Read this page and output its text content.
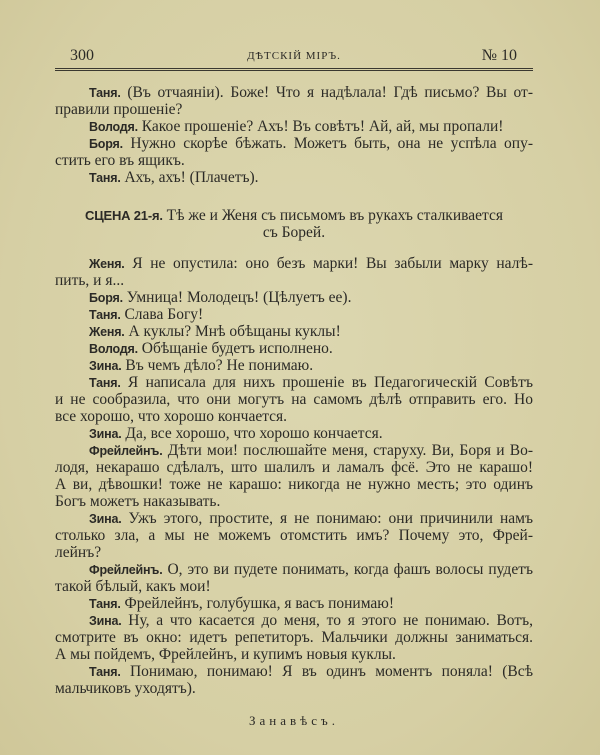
300	ДѢТСКІЙ МІРЪ.	№ 10
Таня. (Въ отчаяніи). Боже! Что я надѣлала! Гдѣ письмо? Вы от-
правили прошеніе?
Володя. Какое прошеніе? Ахъ! Въ совѣтъ! Ай, ай, мы пропали!
Боря. Нужно скорѣе бѣжать. Можетъ быть, она не успѣла опу-
стить его въ ящикъ.
Таня. Ахъ, ахъ! (Плачетъ).
СЦЕНА 21-я. Тѣ же и Женя съ письмомъ въ рукахъ сталкивается
съ Борей.
Женя. Я не опустила: оно безъ марки! Вы забыли марку налѣ-
пить, и я...
Боря. Умница! Молодецъ! (Цѣлуетъ ее).
Таня. Слава Богу!
Женя. А куклы? Мнѣ обѣщаны куклы!
Володя. Обѣщаніе будетъ исполнено.
Зина. Въ чемъ дѣло? Не понимаю.
Таня. Я написала для нихъ прошеніе въ Педагогическій Совѣтъ
и не сообразила, что они могутъ на самомъ дѣлѣ отправить его. Но
все хорошо, что хорошо кончается.
Зина. Да, все хорошо, что хорошо кончается.
Фрейлейнъ. Дѣти мои! послюшайте меня, старуху. Ви, Боря и Во-
лодя, некарашо сдѣлалъ, што шалилъ и ламалъ фсё. Это не карашо!
А ви, дѣвошки! тоже не карашо: никогда не нужно месть; это одинъ
Богъ можетъ наказывать.
Зина. Ужъ этого, простите, я не понимаю: они причинили намъ
столько зла, а мы не можемъ отомстить имъ? Почему это, Фрей-
лейнъ?
Фрейлейнъ. О, это ви пудете понимать, когда фашъ волосы пудетъ
такой бѣлый, какъ мои!
Таня. Фрейлейнъ, голубушка, я васъ понимаю!
Зина. Ну, а что касается до меня, то я этого не понимаю. Вотъ,
смотрите въ окно: идетъ репетиторъ. Мальчики должны заниматься.
А мы пойдемъ, Фрейлейнъ, и купимъ новыя куклы.
Таня. Понимаю, понимаю! Я въ одинъ моментъ поняла! (Всѣ
мальчиковъ уходятъ).
Занавѣсъ.
